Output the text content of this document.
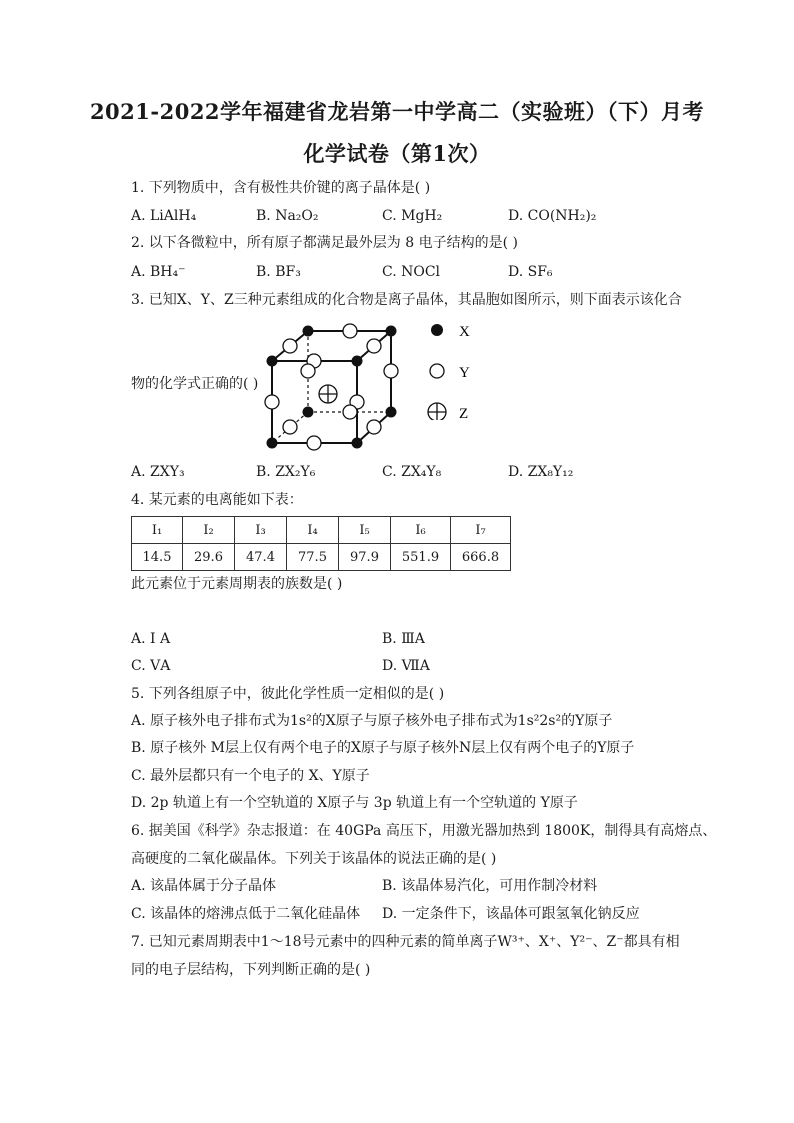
2021-2022学年福建省龙岩第一中学高二（实验班）（下）月考
化学试卷（第1次）
1. 下列物质中，含有极性共价键的离子晶体是( )
A. LiAlH₄	B. Na₂O₂	C. MgH₂	D. CO(NH₂)₂
2. 以下各微粒中，所有原子都满足最外层为 8 电子结构的是( )
A. BH₄⁻	B. BF₃	C. NOCl	D. SF₆
3. 已知X、Y、Z三种元素组成的化合物是离子晶体，其晶胞如图所示，则下面表示该化合
物的化学式正确的( )
X
Y
Z
A. ZXY₃	B. ZX₂Y₆	C. ZX₄Y₈	D. ZX₈Y₁₂
4. 某元素的电离能如下表：
I₁	I₂	I₃	I₄	I₅	I₆	I₇
14.5	29.6	47.4	77.5	97.9	551.9	666.8
此元素位于元素周期表的族数是( )
A. Ⅰ A	B. ⅢA
C. ⅤA	D. ⅦA
5. 下列各组原子中，彼此化学性质一定相似的是( )
A. 原子核外电子排布式为1s²的X原子与原子核外电子排布式为1s²2s²的Y原子
B. 原子核外 M层上仅有两个电子的X原子与原子核外N层上仅有两个电子的Y原子
C. 最外层都只有一个电子的 X、Y原子
D. 2p 轨道上有一个空轨道的 X原子与 3p 轨道上有一个空轨道的 Y原子
6. 据美国《科学》杂志报道：在 40GPa 高压下，用激光器加热到 1800K，制得具有高熔点、
高硬度的二氧化碳晶体。下列关于该晶体的说法正确的是( )
A. 该晶体属于分子晶体	B. 该晶体易汽化，可用作制冷材料
C. 该晶体的熔沸点低于二氧化硅晶体 D. 一定条件下，该晶体可跟氢氧化钠反应
7. 已知元素周期表中1～18号元素中的四种元素的简单离子W³⁺、X⁺、Y²⁻、Z⁻都具有相
同的电子层结构，下列判断正确的是( )
